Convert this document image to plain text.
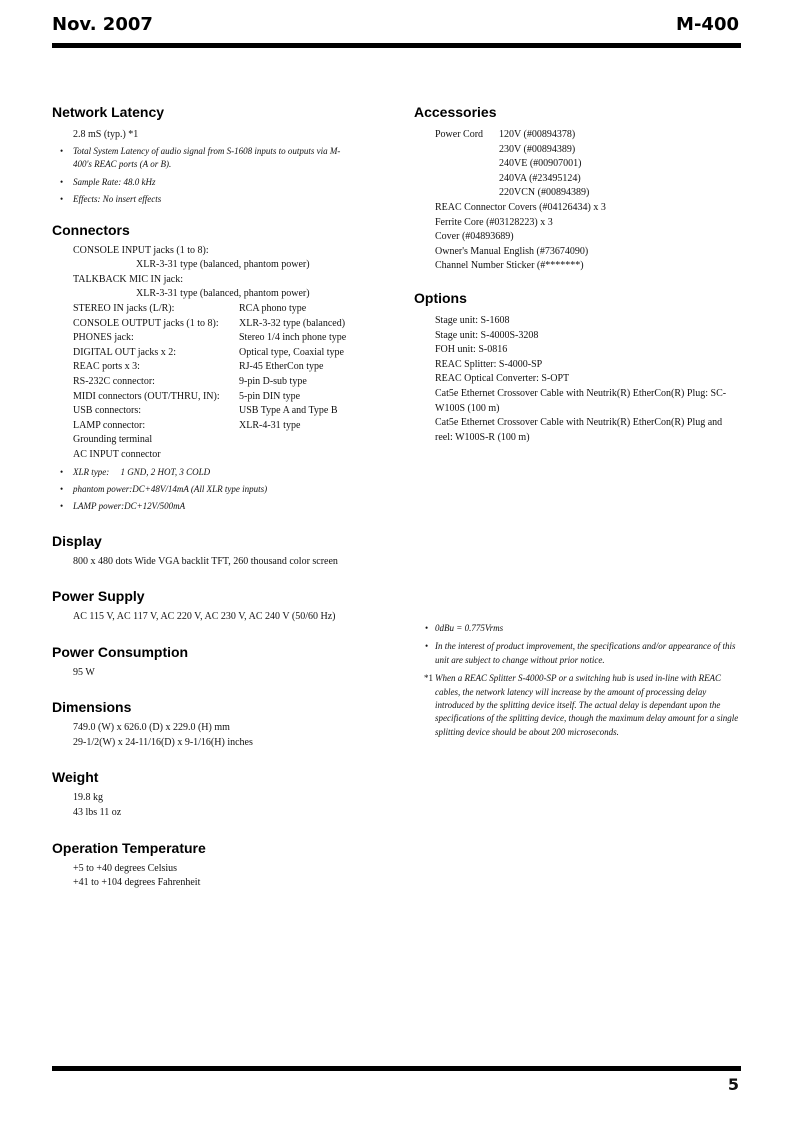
Nov. 2007	M-400
Network Latency
2.8 mS (typ.) *1
• Total System Latency of audio signal from S-1608 inputs to outputs via M-400's REAC ports (A or B).
• Sample Rate: 48.0 kHz
• Effects: No insert effects
Connectors
CONSOLE INPUT jacks (1 to 8):
XLR-3-31 type (balanced, phantom power)
TALKBACK MIC IN jack:
XLR-3-31 type (balanced, phantom power)
STEREO IN jacks (L/R):	RCA phono type
CONSOLE OUTPUT jacks (1 to 8):	XLR-3-32 type (balanced)
PHONES jack:	Stereo 1/4 inch phone type
DIGITAL OUT jacks x 2:	Optical type, Coaxial type
REAC ports x 3:	RJ-45 EtherCon type
RS-232C connector:	9-pin D-sub type
MIDI connectors (OUT/THRU, IN):	5-pin DIN type
USB connectors:	USB Type A and Type B
LAMP connector:	XLR-4-31 type
Grounding terminal
AC INPUT connector
• XLR type:     1 GND, 2 HOT, 3 COLD
• phantom power:DC+48V/14mA (All XLR type inputs)
• LAMP power:DC+12V/500mA
Display
800 x 480 dots Wide VGA backlit TFT, 260 thousand color screen
Power Supply
AC 115 V, AC 117 V, AC 220 V, AC 230 V, AC 240 V (50/60 Hz)
Power Consumption
95 W
Dimensions
749.0 (W) x 626.0 (D) x 229.0 (H) mm
29-1/2(W) x 24-11/16(D) x 9-1/16(H) inches
Weight
19.8 kg
43 lbs 11 oz
Operation Temperature
+5 to +40 degrees Celsius
+41 to +104 degrees Fahrenheit
Accessories
Power Cord	120V (#00894378)
230V (#00894389)
240VE (#00907001)
240VA (#23495124)
220VCN (#00894389)
REAC Connector Covers (#04126434) x 3
Ferrite Core (#03128223) x 3
Cover (#04893689)
Owner's Manual English (#73674090)
Channel Number Sticker (#*******)
Options
Stage unit: S-1608
Stage unit: S-4000S-3208
FOH unit: S-0816
REAC Splitter: S-4000-SP
REAC Optical Converter: S-OPT
Cat5e Ethernet Crossover Cable with Neutrik(R) EtherCon(R) Plug: SC-W100S (100 m)
Cat5e Ethernet Crossover Cable with Neutrik(R) EtherCon(R) Plug and reel: W100S-R (100 m)
• 0dBu = 0.775Vrms
• In the interest of product improvement, the specifications and/or appearance of this unit are subject to change without prior notice.
*1 When a REAC Splitter S-4000-SP or a switching hub is used in-line with REAC cables, the network latency will increase by the amount of processing delay introduced by the splitting device itself. The actual delay is dependant upon the specifications of the splitting device, though the maximum delay amount for a single splitting device should be about 200 microseconds.
5
